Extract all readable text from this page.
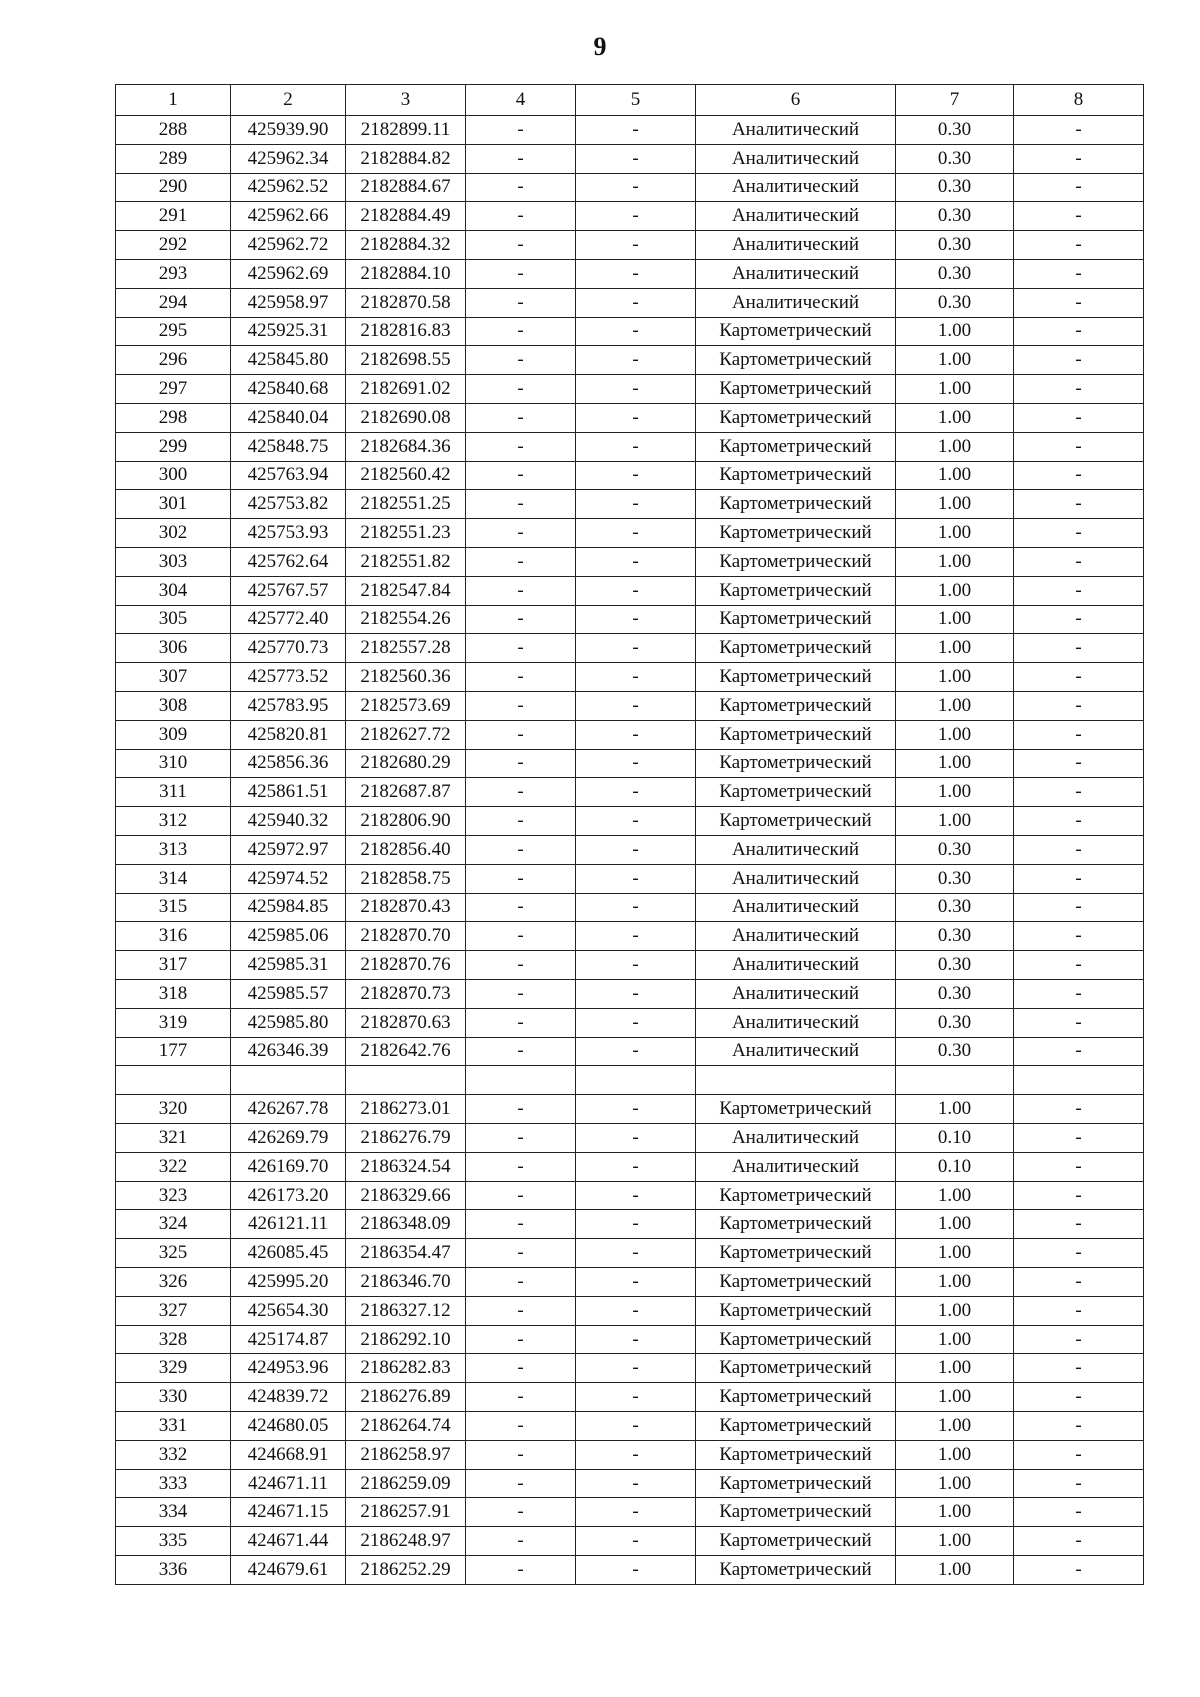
9
1	2	3	4	5	6	7	8
288	425939.90	2182899.11	-	-	Аналитический	0.30	-
289	425962.34	2182884.82	-	-	Аналитический	0.30	-
290	425962.52	2182884.67	-	-	Аналитический	0.30	-
291	425962.66	2182884.49	-	-	Аналитический	0.30	-
292	425962.72	2182884.32	-	-	Аналитический	0.30	-
293	425962.69	2182884.10	-	-	Аналитический	0.30	-
294	425958.97	2182870.58	-	-	Аналитический	0.30	-
295	425925.31	2182816.83	-	-	Картометрический	1.00	-
296	425845.80	2182698.55	-	-	Картометрический	1.00	-
297	425840.68	2182691.02	-	-	Картометрический	1.00	-
298	425840.04	2182690.08	-	-	Картометрический	1.00	-
299	425848.75	2182684.36	-	-	Картометрический	1.00	-
300	425763.94	2182560.42	-	-	Картометрический	1.00	-
301	425753.82	2182551.25	-	-	Картометрический	1.00	-
302	425753.93	2182551.23	-	-	Картометрический	1.00	-
303	425762.64	2182551.82	-	-	Картометрический	1.00	-
304	425767.57	2182547.84	-	-	Картометрический	1.00	-
305	425772.40	2182554.26	-	-	Картометрический	1.00	-
306	425770.73	2182557.28	-	-	Картометрический	1.00	-
307	425773.52	2182560.36	-	-	Картометрический	1.00	-
308	425783.95	2182573.69	-	-	Картометрический	1.00	-
309	425820.81	2182627.72	-	-	Картометрический	1.00	-
310	425856.36	2182680.29	-	-	Картометрический	1.00	-
311	425861.51	2182687.87	-	-	Картометрический	1.00	-
312	425940.32	2182806.90	-	-	Картометрический	1.00	-
313	425972.97	2182856.40	-	-	Аналитический	0.30	-
314	425974.52	2182858.75	-	-	Аналитический	0.30	-
315	425984.85	2182870.43	-	-	Аналитический	0.30	-
316	425985.06	2182870.70	-	-	Аналитический	0.30	-
317	425985.31	2182870.76	-	-	Аналитический	0.30	-
318	425985.57	2182870.73	-	-	Аналитический	0.30	-
319	425985.80	2182870.63	-	-	Аналитический	0.30	-
177	426346.39	2182642.76	-	-	Аналитический	0.30	-

320	426267.78	2186273.01	-	-	Картометрический	1.00	-
321	426269.79	2186276.79	-	-	Аналитический	0.10	-
322	426169.70	2186324.54	-	-	Аналитический	0.10	-
323	426173.20	2186329.66	-	-	Картометрический	1.00	-
324	426121.11	2186348.09	-	-	Картометрический	1.00	-
325	426085.45	2186354.47	-	-	Картометрический	1.00	-
326	425995.20	2186346.70	-	-	Картометрический	1.00	-
327	425654.30	2186327.12	-	-	Картометрический	1.00	-
328	425174.87	2186292.10	-	-	Картометрический	1.00	-
329	424953.96	2186282.83	-	-	Картометрический	1.00	-
330	424839.72	2186276.89	-	-	Картометрический	1.00	-
331	424680.05	2186264.74	-	-	Картометрический	1.00	-
332	424668.91	2186258.97	-	-	Картометрический	1.00	-
333	424671.11	2186259.09	-	-	Картометрический	1.00	-
334	424671.15	2186257.91	-	-	Картометрический	1.00	-
335	424671.44	2186248.97	-	-	Картометрический	1.00	-
336	424679.61	2186252.29	-	-	Картометрический	1.00	-
